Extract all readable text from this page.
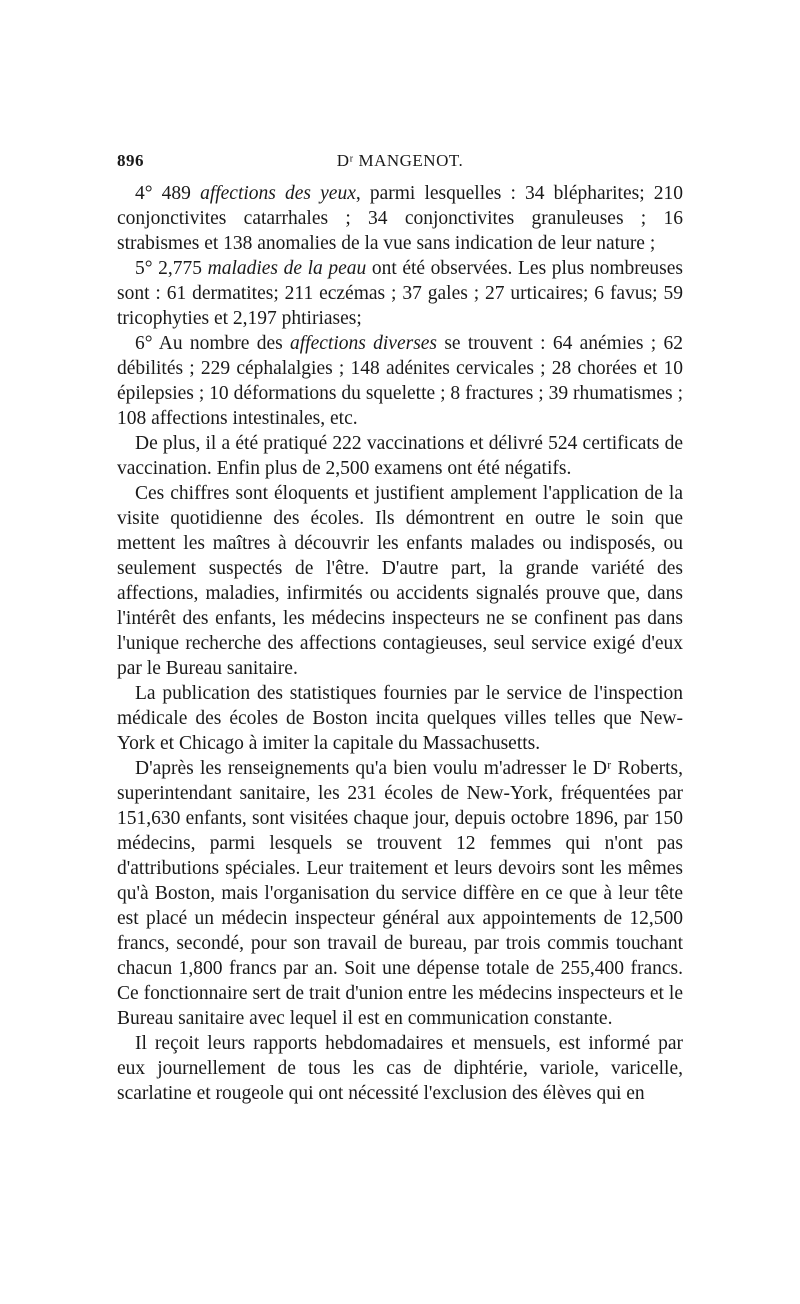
896	Dʳ MANGENOT.

4° 489 affections des yeux, parmi lesquelles : 34 blépharites; 210 conjonctivites catarrhales ; 34 conjonctivites granuleuses ; 16 strabismes et 138 anomalies de la vue sans indication de leur nature ;

5° 2,775 maladies de la peau ont été observées. Les plus nombreuses sont : 61 dermatites; 211 eczémas ; 37 gales ; 27 urticaires; 6 favus; 59 tricophyties et 2,197 phtiriases;

6° Au nombre des affections diverses se trouvent : 64 anémies ; 62 débilités ; 229 céphalalgies ; 148 adénites cervicales ; 28 chorées et 10 épilepsies ; 10 déformations du squelette ; 8 fractures ; 39 rhumatismes ; 108 affections intestinales, etc.

De plus, il a été pratiqué 222 vaccinations et délivré 524 certificats de vaccination. Enfin plus de 2,500 examens ont été négatifs.

Ces chiffres sont éloquents et justifient amplement l'application de la visite quotidienne des écoles. Ils démontrent en outre le soin que mettent les maîtres à découvrir les enfants malades ou indisposés, ou seulement suspectés de l'être. D'autre part, la grande variété des affections, maladies, infirmités ou accidents signalés prouve que, dans l'intérêt des enfants, les médecins inspecteurs ne se confinent pas dans l'unique recherche des affections contagieuses, seul service exigé d'eux par le Bureau sanitaire.

La publication des statistiques fournies par le service de l'inspection médicale des écoles de Boston incita quelques villes telles que New-York et Chicago à imiter la capitale du Massachusetts.

D'après les renseignements qu'a bien voulu m'adresser le Dʳ Roberts, superintendant sanitaire, les 231 écoles de New-York, fréquentées par 151,630 enfants, sont visitées chaque jour, depuis octobre 1896, par 150 médecins, parmi lesquels se trouvent 12 femmes qui n'ont pas d'attributions spéciales. Leur traitement et leurs devoirs sont les mêmes qu'à Boston, mais l'organisation du service diffère en ce que à leur tête est placé un médecin inspecteur général aux appointements de 12,500 francs, secondé, pour son travail de bureau, par trois commis touchant chacun 1,800 francs par an. Soit une dépense totale de 255,400 francs. Ce fonctionnaire sert de trait d'union entre les médecins inspecteurs et le Bureau sanitaire avec lequel il est en communication constante.

Il reçoit leurs rapports hebdomadaires et mensuels, est informé par eux journellement de tous les cas de diphtérie, variole, varicelle, scarlatine et rougeole qui ont nécessité l'exclusion des élèves qui en
